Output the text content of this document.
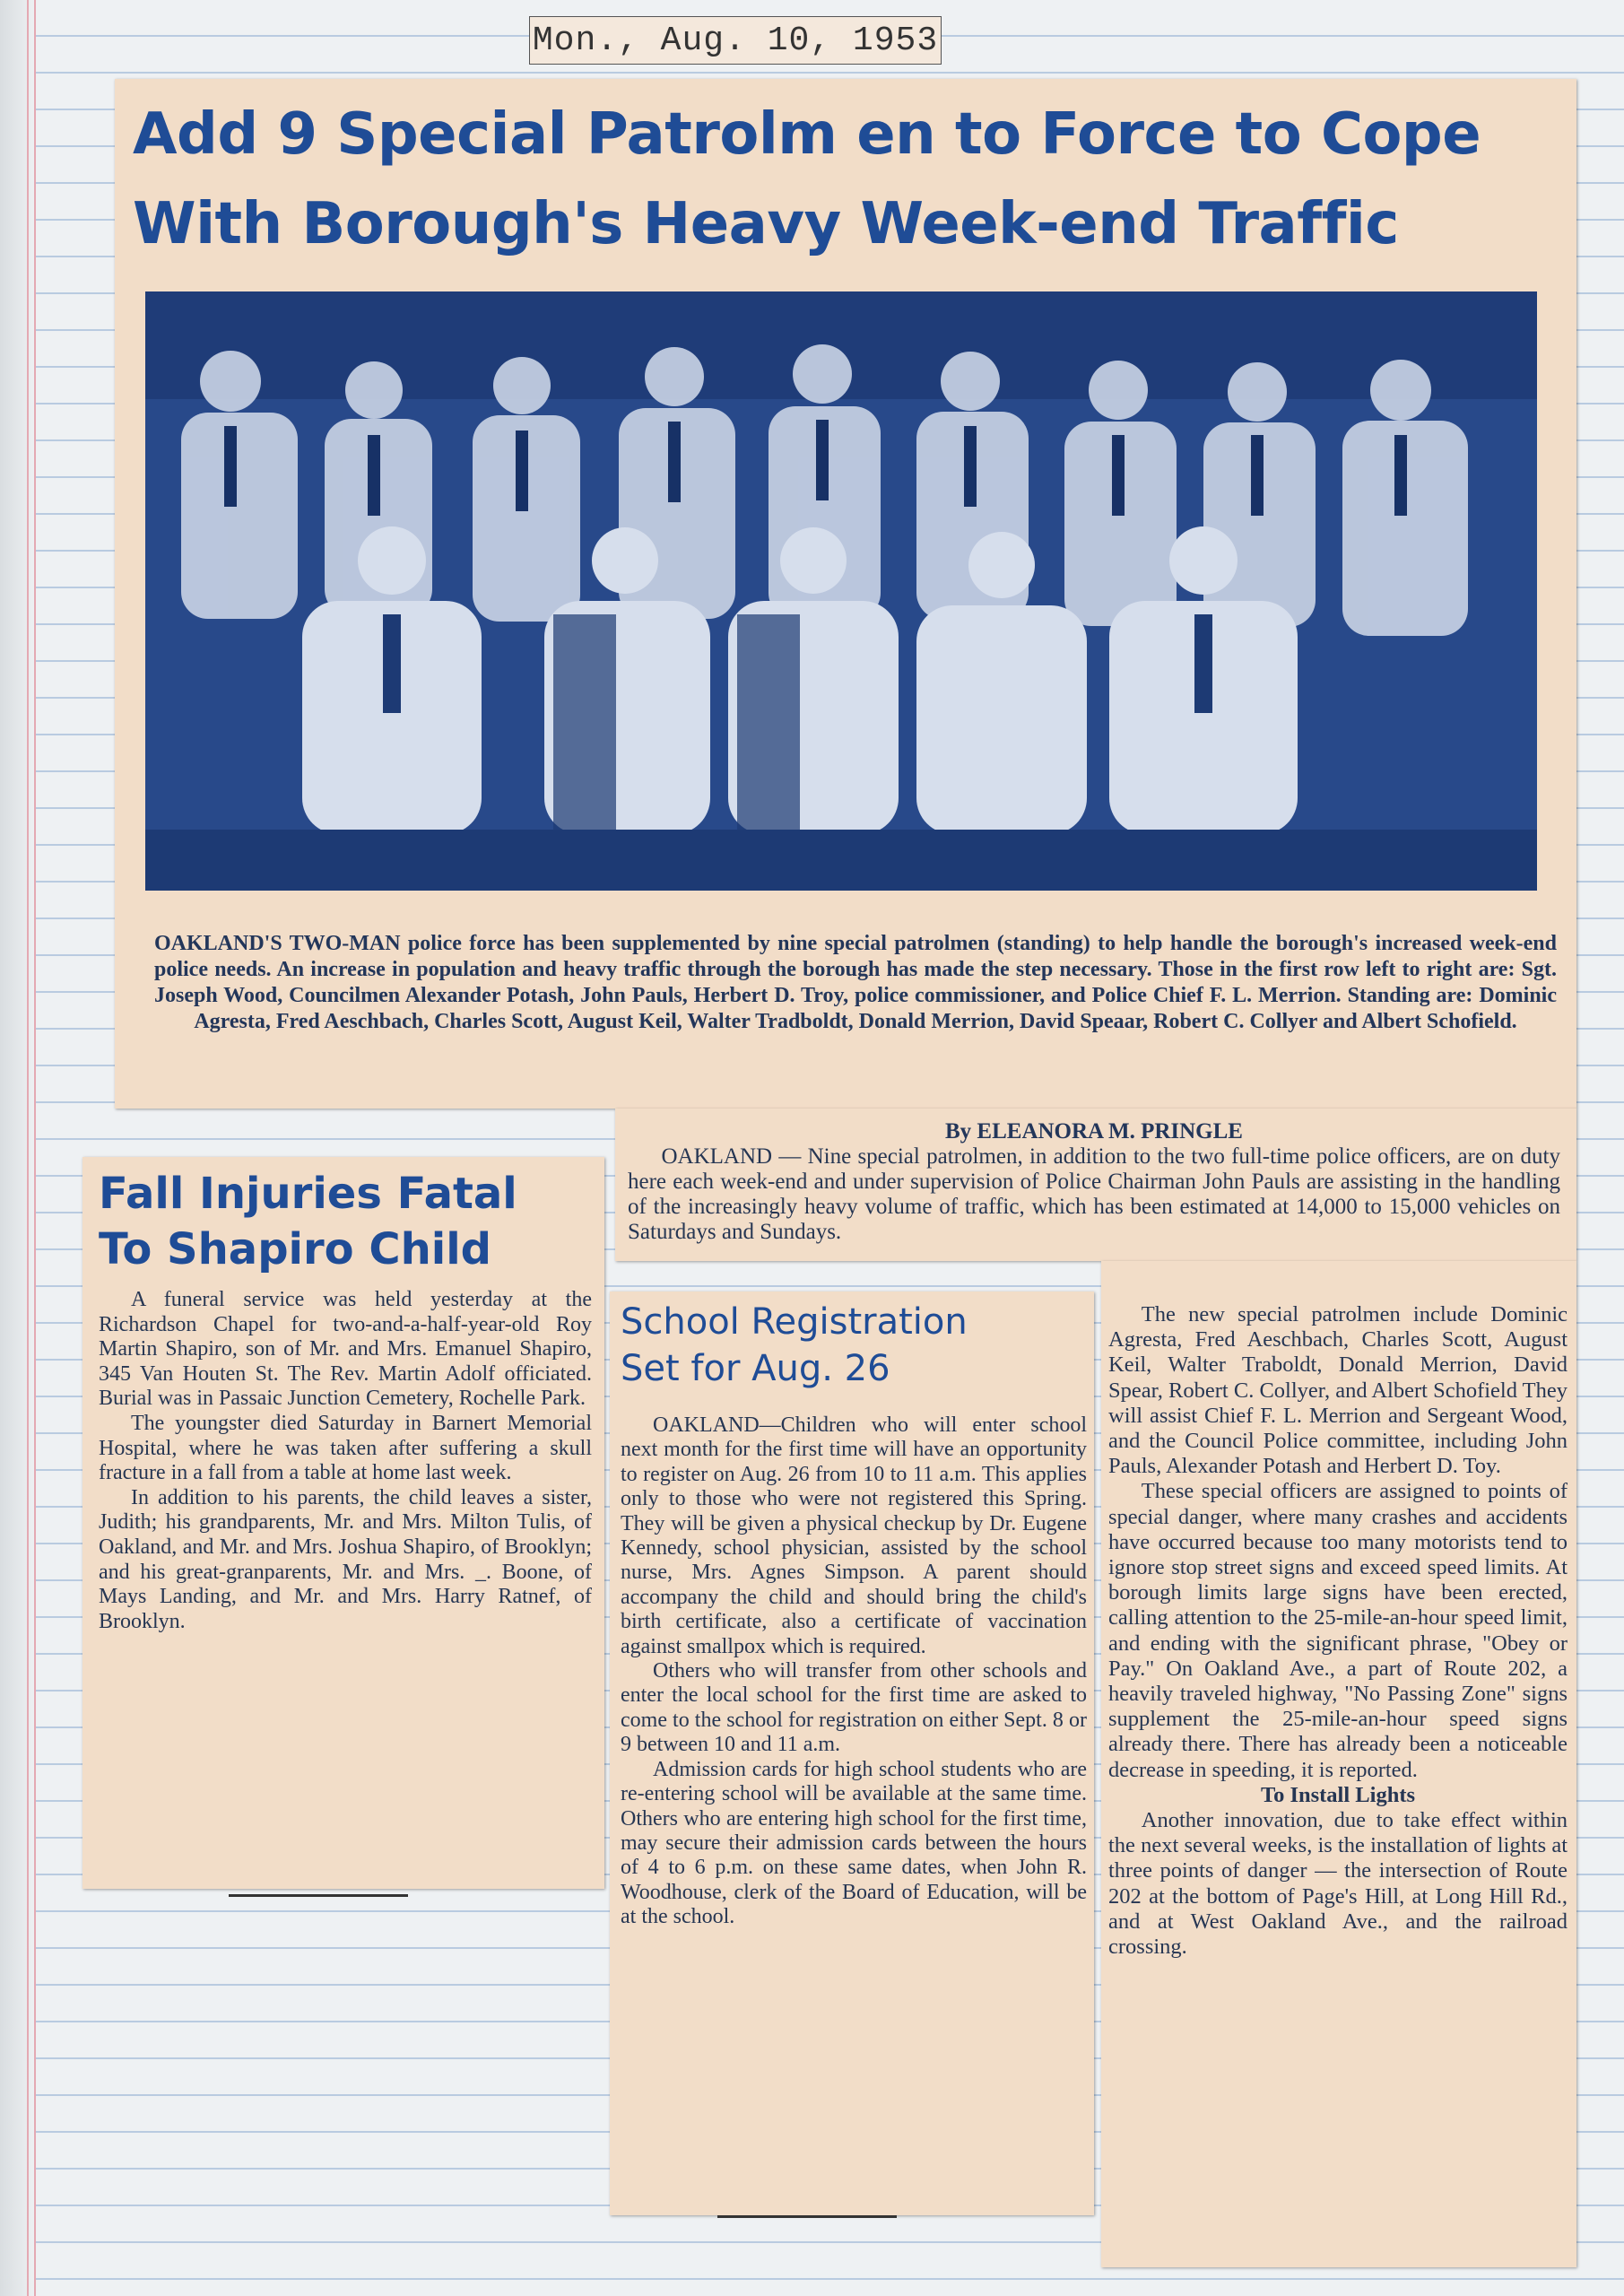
Mon., Aug. 10, 1953
Add 9 Special Patrolm en to Force to Cope
With Borough's Heavy Week-end Traffic

OAKLAND'S TWO-MAN police force has been supplemented by nine special patrolmen (standing) to help handle the borough's increased week-end police needs. An increase in population and heavy traffic through the borough has made the step necessary. Those in the first row left to right are: Sgt. Joseph Wood, Councilmen Alexander Potash, John Pauls, Herbert D. Troy, police commissioner, and Police Chief F. L. Merrion. Standing are: Dominic Agresta, Fred Aeschbach, Charles Scott, August Keil, Walter Tradboldt, Donald Merrion, David Speaar, Robert C. Collyer and Albert Schofield.

By ELEANORA M. PRINGLE

OAKLAND — Nine special patrolmen, in addition to the two full-time police officers, are on duty here each week-end and under supervision of Police Chairman John Pauls are assisting in the handling of the increasingly heavy volume of traffic, which has been estimated at 14,000 to 15,000 vehicles on Saturdays and Sundays.

The new special patrolmen include Dominic Agresta, Fred Aeschbach, Charles Scott, August Keil, Walter Traboldt, Donald Merrion, David Spear, Robert C. Collyer, and Albert Schofield They will assist Chief F. L. Merrion and Sergeant Wood, and the Council Police committee, including John Pauls, Alexander Potash and Herbert D. Toy.

These special officers are assigned to points of special danger, where many crashes and accidents have occurred because too many motorists tend to ignore stop street signs and exceed speed limits. At borough limits large signs have been erected, calling attention to the 25-mile-an-hour speed limit, and ending with the significant phrase, "Obey or Pay." On Oakland Ave., a part of Route 202, a heavily traveled highway, "No Passing Zone" signs supplement the 25-mile-an-hour speed signs already there. There has already been a noticeable decrease in speeding, it is reported.

To Install Lights

Another innovation, due to take effect within the next several weeks, is the installation of lights at three points of danger — the intersection of Route 202 at the bottom of Page's Hill, at Long Hill Rd., and at West Oakland Ave., and the railroad crossing.

Fall Injuries Fatal
To Shapiro Child

A funeral service was held yesterday at the Richardson Chapel for two-and-a-half-year-old Roy Martin Shapiro, son of Mr. and Mrs. Emanuel Shapiro, 345 Van Houten St. The Rev. Martin Adolf officiated. Burial was in Passaic Junction Cemetery, Rochelle Park.

The youngster died Saturday in Barnert Memorial Hospital, where he was taken after suffering a skull fracture in a fall from a table at home last week.

In addition to his parents, the child leaves a sister, Judith; his grandparents, Mr. and Mrs. Milton Tulis, of Oakland, and Mr. and Mrs. Joshua Shapiro, of Brooklyn; and his great-granparents, Mr. and Mrs. _. Boone, of Mays Landing, and Mr. and Mrs. Harry Ratnef, of Brooklyn.

School Registration
Set for Aug. 26

OAKLAND—Children who will enter school next month for the first time will have an opportunity to register on Aug. 26 from 10 to 11 a.m. This applies only to those who were not registered this Spring. They will be given a physical checkup by Dr. Eugene Kennedy, school physician, assisted by the school nurse, Mrs. Agnes Simpson. A parent should accompany the child and should bring the child's birth certificate, also a certificate of vaccination against smallpox which is required.

Others who will transfer from other schools and enter the local school for the first time are asked to come to the school for registration on either Sept. 8 or 9 between 10 and 11 a.m.

Admission cards for high school students who are re-entering school will be available at the same time. Others who are entering high school for the first time, may secure their admission cards between the hours of 4 to 6 p.m. on these same dates, when John R. Woodhouse, clerk of the Board of Education, will be at the school.
